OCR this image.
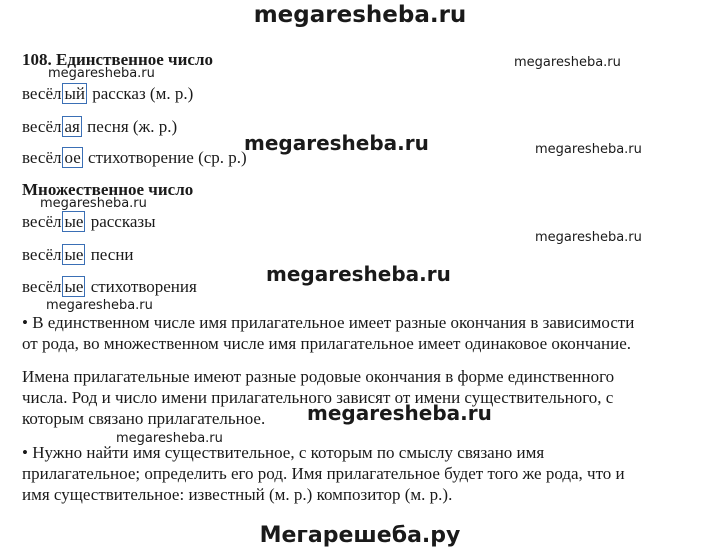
megaresheba.ru
108. Единственное число
megaresheba.ru
megaresheba.ru
весёл ый рассказ (м. р.)
весёл ая песня (ж. р.)
megaresheba.ru
весёл ое стихотворение (ср. р.)	megaresheba.ru
Множественное число
megaresheba.ru
весёл ые рассказы
megaresheba.ru
весёл ые песни
megaresheba.ru
весёл ые стихотворения
megaresheba.ru
• В единственном числе имя прилагательное имеет разные окончания в зависимости
от рода, во множественном числе имя прилагательное имеет одинаковое окончание.
Имена прилагательные имеют разные родовые окончания в форме единственного
числа. Род и число имени прилагательного зависят от имени существительного, с
megaresheba.ru
которым связано прилагательное.
megaresheba.ru
• Нужно найти имя существительное, с которым по смыслу связано имя
прилагательное; определить его род. Имя прилагательное будет того же рода, что и
имя существительное: известный (м. р.) композитор (м. р.).
Мегарешеба.ру
